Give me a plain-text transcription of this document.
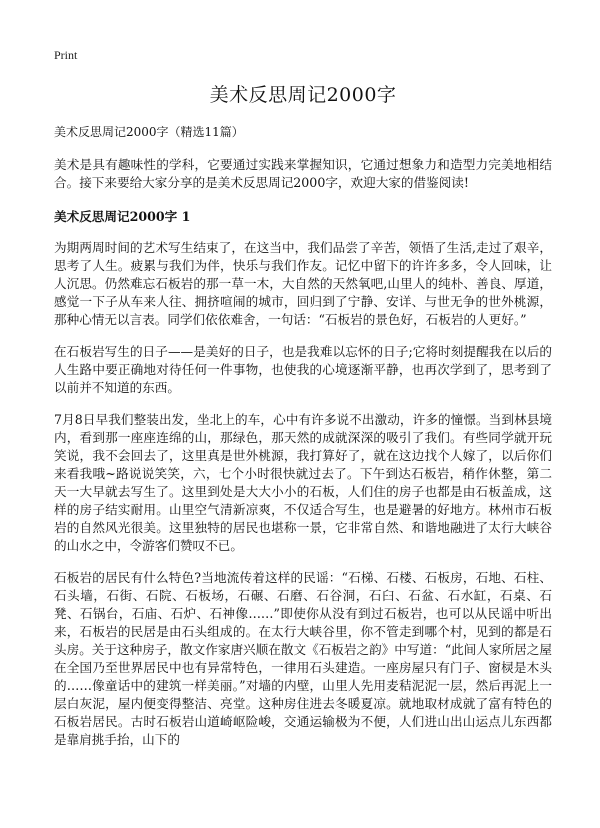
Print
美术反思周记2000字
美术反思周记2000字（精选11篇）

美术是具有趣味性的学科，它要通过实践来掌握知识，它通过想象力和造型力完美地相结合。接下来要给大家分享的是美术反思周记2000字，欢迎大家的借鉴阅读!

美术反思周记2000字 1

为期两周时间的艺术写生结束了，在这当中，我们品尝了辛苦，领悟了生活,走过了艰辛，思考了人生。疲累与我们为伴，快乐与我们作友。记忆中留下的许许多多，令人回味，让人沉思。仍然难忘石板岩的那一草一木，大自然的天然氧吧,山里人的纯朴、善良、厚道，感觉一下子从车来人往、拥挤喧闹的城市，回归到了宁静、安详、与世无争的世外桃源，那种心情无以言表。同学们依依难舍，一句话：“石板岩的景色好，石板岩的人更好。”

在石板岩写生的日子——是美好的日子，也是我难以忘怀的日子;它将时刻提醒我在以后的人生路中要正确地对待任何一件事物，也使我的心境逐渐平静，也再次学到了，思考到了以前并不知道的东西。

7月8日早我们整装出发，坐北上的车，心中有许多说不出激动，许多的憧憬。当到林县境内，看到那一座座连绵的山，那绿色，那天然的成就深深的吸引了我们。有些同学就开玩笑说，我不会回去了，这里真是世外桃源，我打算好了，就在这边找个人嫁了，以后你们来看我哦~路说说笑笑，六，七个小时很快就过去了。下午到达石板岩，稍作休整，第二天一大早就去写生了。这里到处是大大小小的石板，人们住的房子也都是由石板盖成，这样的房子结实耐用。山里空气清新凉爽，不仅适合写生，也是避暑的好地方。林州市石板岩的自然风光很美。这里独特的居民也堪称一景，它非常自然、和谐地融进了太行大峡谷的山水之中，令游客们赞叹不已。

石板岩的居民有什么特色?当地流传着这样的民谣：“石梯、石楼、石板房，石地、石柱、石头墙，石街、石院、石板场，石碾、石磨、石谷洞，石臼、石盆、石水缸，石桌、石凳、石锅台，石庙、石炉、石神像……”即使你从没有到过石板岩，也可以从民谣中听出来，石板岩的民居是由石头组成的。在太行大峡谷里，你不管走到哪个村，见到的都是石头房。关于这种房子，散文作家唐兴顺在散文《石板岩之韵》中写道：“此间人家所居之屋在全国乃至世界居民中也有异常特色，一律用石头建造。一座房屋只有门子、窗棂是木头的……像童话中的建筑一样美丽。”对墙的内壁，山里人先用麦秸泥泥一层，然后再泥上一层白灰泥，屋内便变得整洁、亮堂。这种房住进去冬暖夏凉。就地取材成就了富有特色的石板岩居民。古时石板岩山道崎岖险峻，交通运输极为不便，人们进山出山运点儿东西都是靠肩挑手抬，山下的
